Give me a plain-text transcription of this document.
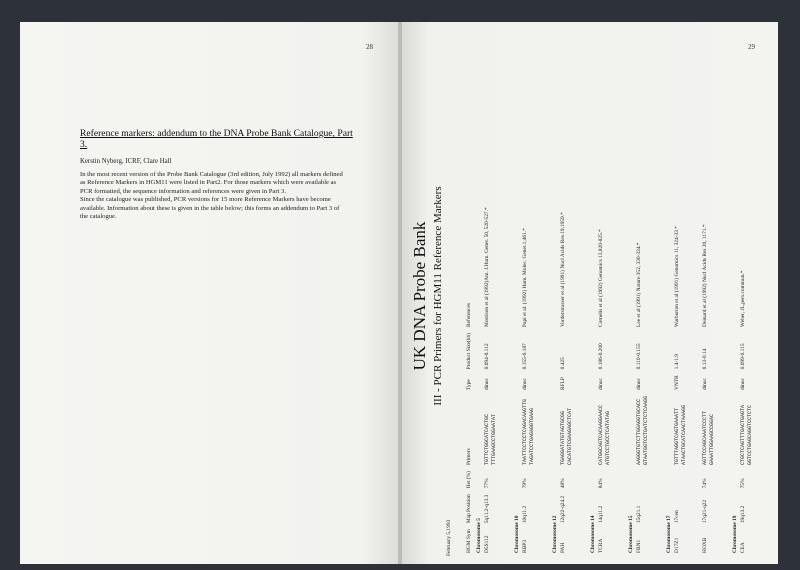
28	29
Reference markers: addendum to the DNA Probe Bank Catalogue, Part 3.
Kerstin Nyberg, ICRF, Clare Hall

In the most recent version of the Probe Bank Catalogue (3rd edition, July 1992) all markers defined as Reference Markers in HGM11 were listed in Part2. For those markers which were available as PCR formatted, the sequence information and references were given in Part 3.

Since the catalogue was published, PCR versions for 15 more Reference Markers have become available. Information about these is given in the table below; this forms an addendum to Part 3 of the catalogue.

UK DNA Probe Bank III - PCR Primers for HGM11 Reference Markers
February 5,1993	HGM Sym	Map Position	Het (%)	Primers	Type	Product Size(kb)	References
Chromosome 5						
D5S112	5q11.2-q13.3	77%	TGTTCTGGCATCACTGC TTTGAAGCCTGGAATAT	dinuc	0.094-0.112	Morrison et al (1992)Am. J.Hum. Genet. 50, 520-527.*
Chromosome 10						
RBP3	10q11.2	79%	TAATTCCTCCTCAGACAAGTTG TAGATCCTGAGAGGTGAAG	dinuc	0.155-0.187	Papi et al. (1992) Hum. Molec. Genet.1,461.*
Chromosome 12						
PAH	12q22-q24.2	48%	TGAGGATATGTAGTGCGG CACATGTCGAAGAGCTCAT	RFLP	0.425	Vorderstrasser et al (1991) Nucl Acids Res.19,1959.*
Chromosome 14						
TCRA	14q11.2	84%	CATGGCAGTCACAAGGAACC ATGTCCTGCCTCATATAG	dinuc	0.186-0.200	Cornelis et al (1992) Genomics 13,820-825.*
Chromosome 15						
FBN1	15q21.1		AAGGGTGTCTTGGAGGTGCACC GTAATGGTCCTGATCTCTCAAGG	dinuc	0.110-0.155	Lee et al (1991) Nature 352, 330-334.*
Chromosome 17						
D17Z1	17cen		TGTTTAGGTCAGTGAAATT ATAACTGCATCAACTAAAGG	VNTR	1.4-1.9	Warburton et al (1991) Genomics 11, 324-33.*
HOXB	17q21-q22	74%	AGTTCCAGCAAATCCCTT GAAATTGGAAGCCGGAC	dinuc	0.13-0.14	Deinard et al (1992) Nucl Acids Res 20, 1171.*
Chromosome 19						
CEA	19q13.2	75%	CTGCTCAGTTTGACTGAGTA GGTCCTGAGCAGGTCCTCTC	dinuc	0.099-0.115	Weber, JL,pers.commun.*
